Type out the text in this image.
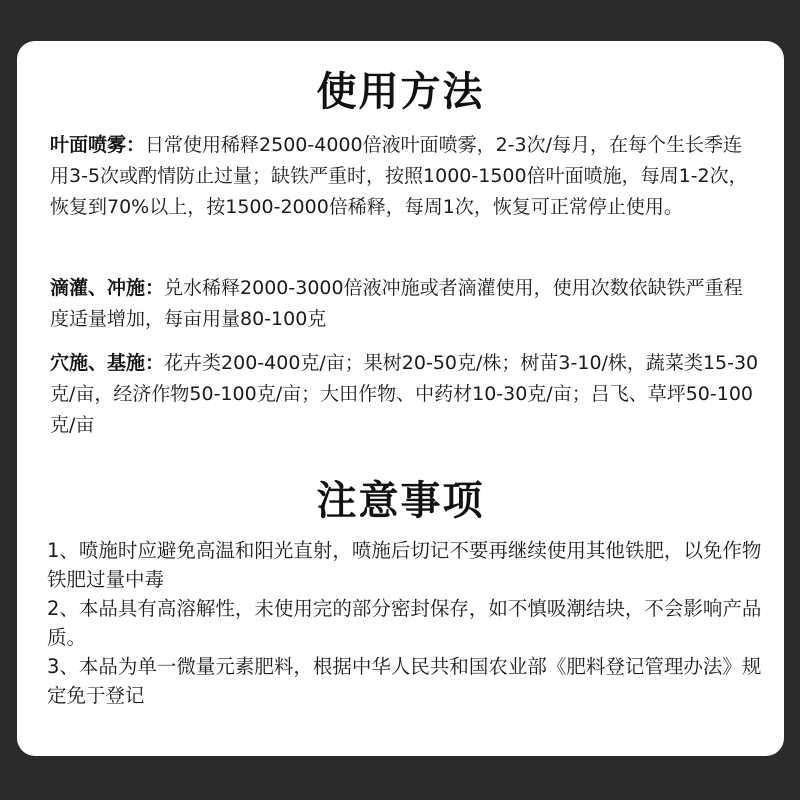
使用方法

叶面喷雾：日常使用稀释2500-4000倍液叶面喷雾，2-3次/每月，在每个生长季连用3-5次或酌情防止过量；缺铁严重时，按照1000-1500倍叶面喷施，每周1-2次，恢复到70%以上，按1500-2000倍稀释，每周1次，恢复可正常停止使用。

滴灌、冲施：兑水稀释2000-3000倍液冲施或者滴灌使用，使用次数依缺铁严重程度适量增加，每亩用量80-100克

穴施、基施：花卉类200-400克/亩；果树20-50克/株；树苗3-10/株，蔬菜类15-30克/亩，经济作物50-100克/亩；大田作物、中药材10-30克/亩；吕飞、草坪50-100克/亩

注意事项
1、喷施时应避免高温和阳光直射，喷施后切记不要再继续使用其他铁肥，以免作物铁肥过量中毒
2、本品具有高溶解性，未使用完的部分密封保存，如不慎吸潮结块，不会影响产品质。
3、本品为单一微量元素肥料，根据中华人民共和国农业部《肥料登记管理办法》规定免于登记
